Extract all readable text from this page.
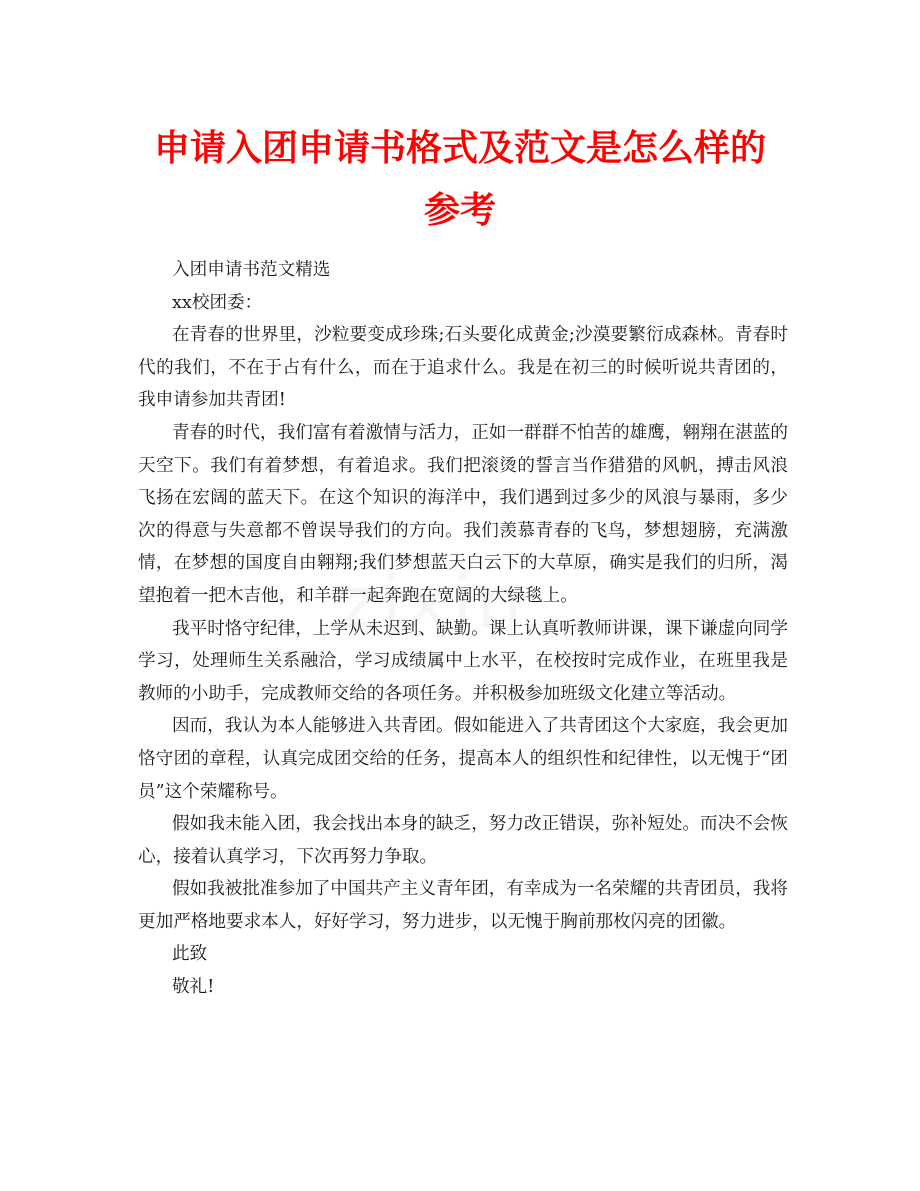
申请入团申请书格式及范文是怎么样的参考

入团申请书范文精选

xx校团委：

在青春的世界里，沙粒要变成珍珠;石头要化成黄金;沙漠要繁衍成森林。青春时代的我们，不在于占有什么，而在于追求什么。我是在初三的时候听说共青团的，我申请参加共青团!

青春的时代，我们富有着激情与活力，正如一群群不怕苦的雄鹰，翱翔在湛蓝的天空下。我们有着梦想，有着追求。我们把滚烫的誓言当作猎猎的风帆，搏击风浪飞扬在宏阔的蓝天下。在这个知识的海洋中，我们遇到过多少的风浪与暴雨，多少次的得意与失意都不曾误导我们的方向。我们羡慕青春的飞鸟，梦想翅膀，充满激情，在梦想的国度自由翱翔;我们梦想蓝天白云下的大草原，确实是我们的归所，渴望抱着一把木吉他，和羊群一起奔跑在宽阔的大绿毯上。

我平时恪守纪律，上学从未迟到、缺勤。课上认真听教师讲课，课下谦虚向同学学习，处理师生关系融洽，学习成绩属中上水平，在校按时完成作业，在班里我是教师的小助手，完成教师交给的各项任务。并积极参加班级文化建立等活动。

因而，我认为本人能够进入共青团。假如能进入了共青团这个大家庭，我会更加恪守团的章程，认真完成团交给的任务，提高本人的组织性和纪律性，以无愧于“团员”这个荣耀称号。

假如我未能入团，我会找出本身的缺乏，努力改正错误，弥补短处。而决不会恢心，接着认真学习，下次再努力争取。

假如我被批准参加了中国共产主义青年团，有幸成为一名荣耀的共青团员，我将更加严格地要求本人，好好学习，努力进步，以无愧于胸前那枚闪亮的团徽。

此致

敬礼!
